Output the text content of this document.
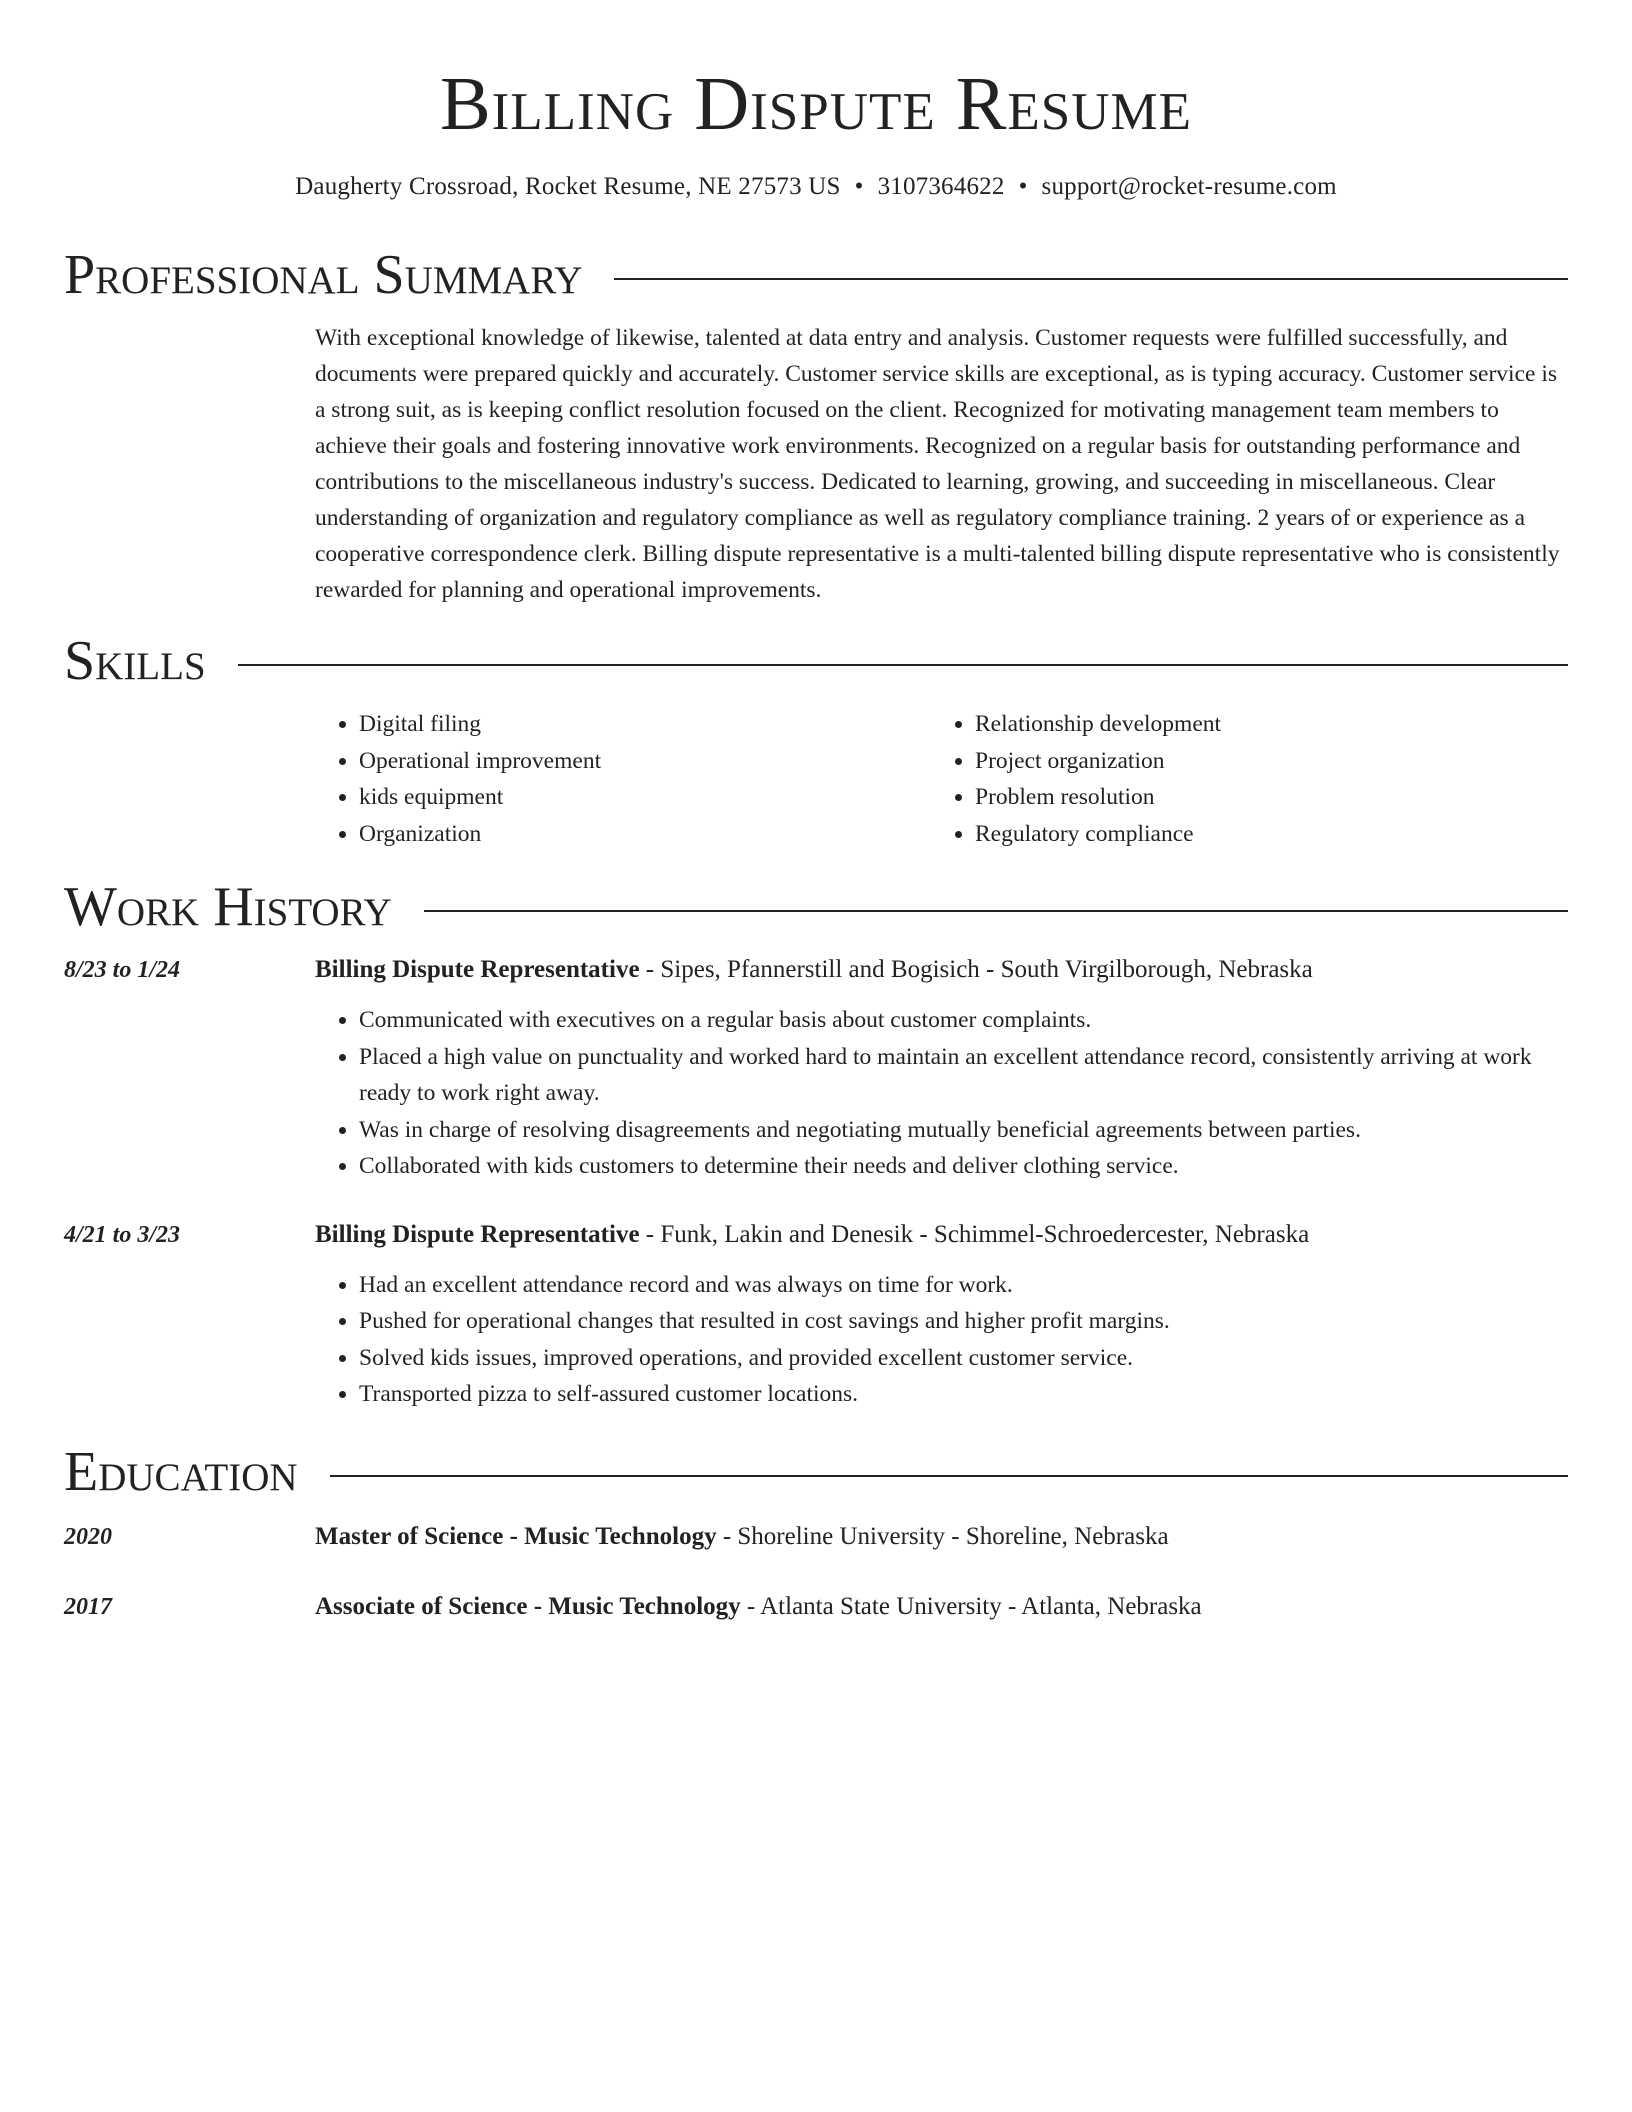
Billing Dispute Resume
Daugherty Crossroad, Rocket Resume, NE 27573 US • 3107364622 • support@rocket-resume.com
Professional Summary
With exceptional knowledge of likewise, talented at data entry and analysis. Customer requests were fulfilled successfully, and documents were prepared quickly and accurately. Customer service skills are exceptional, as is typing accuracy. Customer service is a strong suit, as is keeping conflict resolution focused on the client. Recognized for motivating management team members to achieve their goals and fostering innovative work environments. Recognized on a regular basis for outstanding performance and contributions to the miscellaneous industry's success. Dedicated to learning, growing, and succeeding in miscellaneous. Clear understanding of organization and regulatory compliance as well as regulatory compliance training. 2 years of or experience as a cooperative correspondence clerk. Billing dispute representative is a multi-talented billing dispute representative who is consistently rewarded for planning and operational improvements.
Skills
• Digital filing
• Operational improvement
• kids equipment
• Organization
• Relationship development
• Project organization
• Problem resolution
• Regulatory compliance
Work History
8/23 to 1/24	Billing Dispute Representative - Sipes, Pfannerstill and Bogisich - South Virgilborough, Nebraska
• Communicated with executives on a regular basis about customer complaints.
• Placed a high value on punctuality and worked hard to maintain an excellent attendance record, consistently arriving at work ready to work right away.
• Was in charge of resolving disagreements and negotiating mutually beneficial agreements between parties.
• Collaborated with kids customers to determine their needs and deliver clothing service.
4/21 to 3/23	Billing Dispute Representative - Funk, Lakin and Denesik - Schimmel-Schroedercester, Nebraska
• Had an excellent attendance record and was always on time for work.
• Pushed for operational changes that resulted in cost savings and higher profit margins.
• Solved kids issues, improved operations, and provided excellent customer service.
• Transported pizza to self-assured customer locations.
Education
2020	Master of Science - Music Technology - Shoreline University - Shoreline, Nebraska
2017	Associate of Science - Music Technology - Atlanta State University - Atlanta, Nebraska
